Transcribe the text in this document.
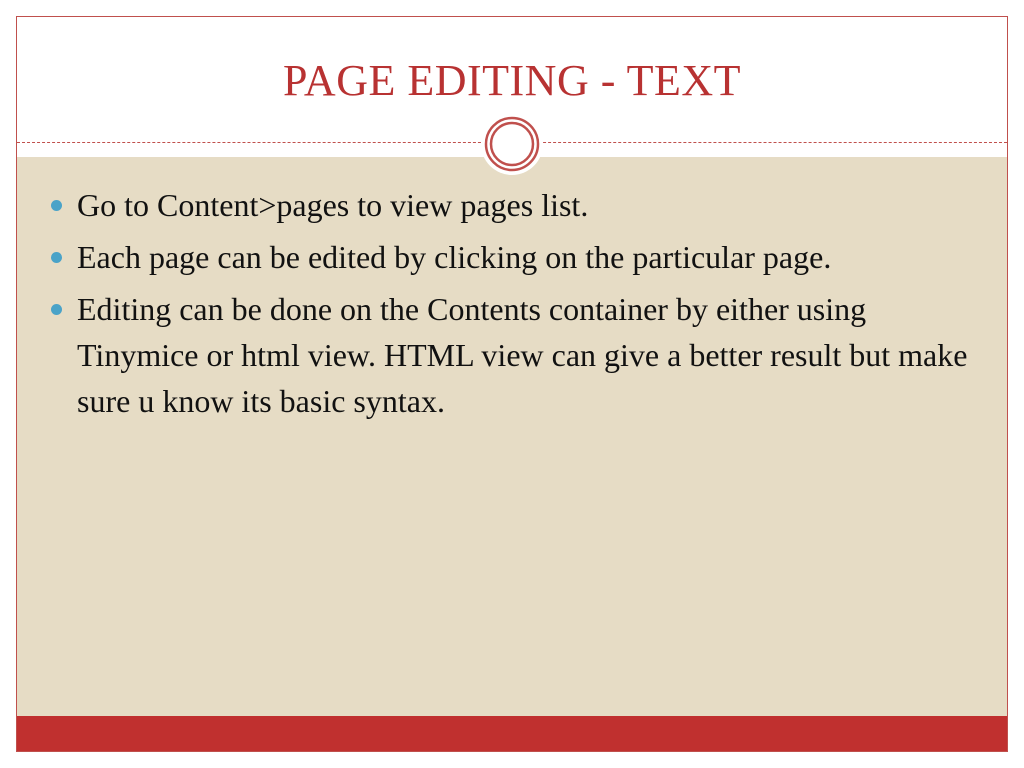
PAGE EDITING - TEXT
Go to Content>pages to view pages list.
Each page can be edited by clicking on the particular page.
Editing can be done on the Contents container by either using Tinymice or html view. HTML view can give a better result but make sure u know its basic syntax.
